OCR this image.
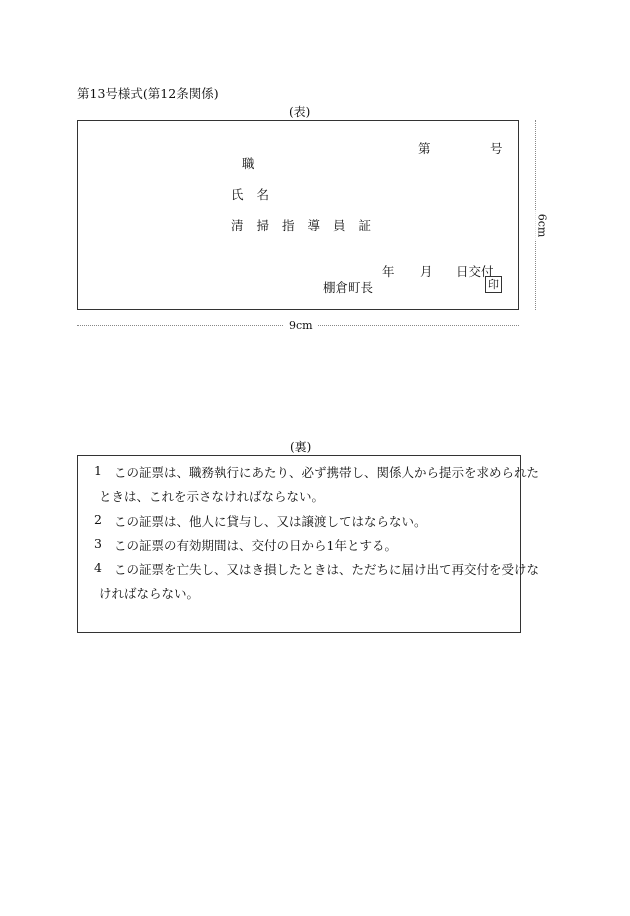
第13号様式(第12条関係)
(表)
第	号
職
氏名
清掃指導員証
年 月 日交付
棚倉町長	印
9cm
6cm
(裏)
1 この証票は、職務執行にあたり、必ず携帯し、関係人から提示を求められた
ときは、これを示さなければならない。
2 この証票は、他人に貸与し、又は譲渡してはならない。
3 この証票の有効期間は、交付の日から1年とする。
4 この証票を亡失し、又はき損したときは、ただちに届け出て再交付を受けな
ければならない。
